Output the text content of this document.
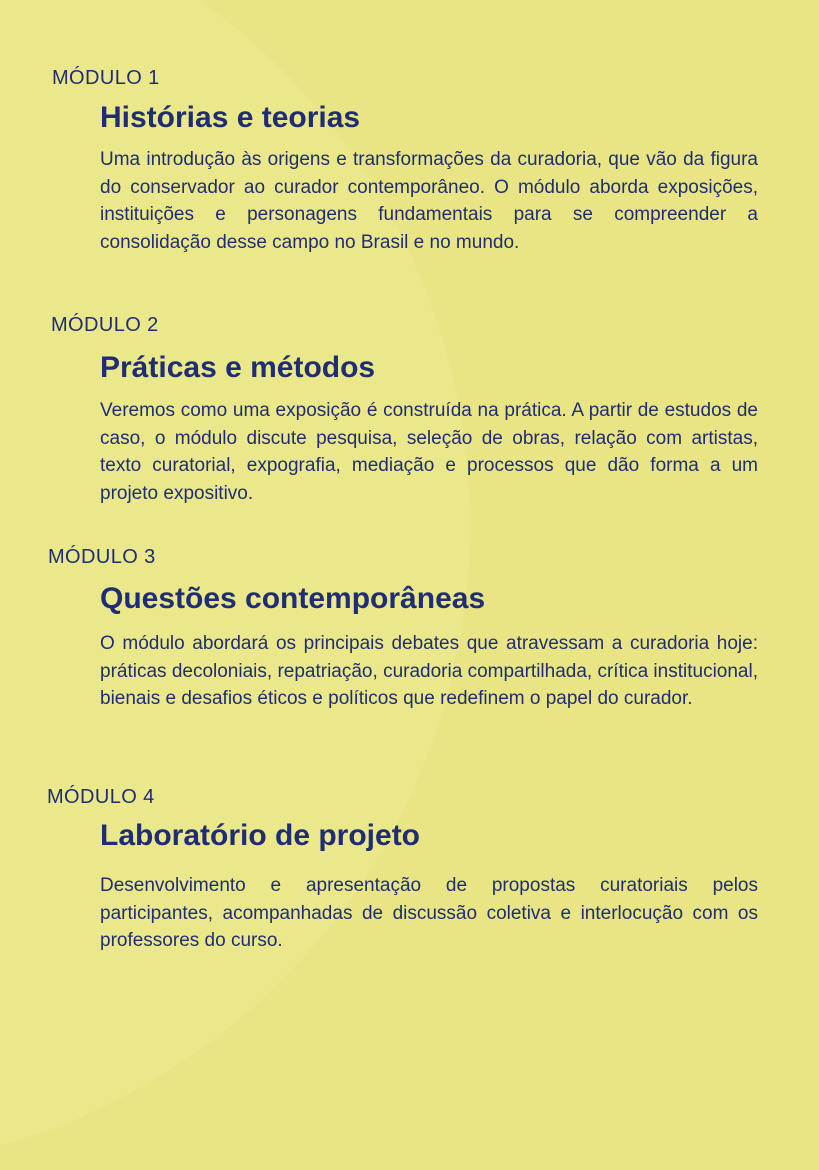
MÓDULO 1
Histórias e teorias
Uma introdução às origens e transformações da curadoria, que vão da figura do conservador ao curador contemporâneo. O módulo aborda exposições, instituições e personagens fundamentais para se compreender a consolidação desse campo no Brasil e no mundo.
MÓDULO 2
Práticas e métodos
Veremos como uma exposição é construída na prática. A partir de estudos de caso, o módulo discute pesquisa, seleção de obras, relação com artistas, texto curatorial, expografia, mediação e processos que dão forma a um projeto expositivo.
MÓDULO 3
Questões contemporâneas
O módulo abordará os principais debates que atravessam a curadoria hoje: práticas decoloniais, repatriação, curadoria compartilhada, crítica institucional, bienais e desafios éticos e políticos que redefinem o papel do curador.
MÓDULO 4
Laboratório de projeto
Desenvolvimento e apresentação de propostas curatoriais pelos participantes, acompanhadas de discussão coletiva e interlocução com os professores do curso.
